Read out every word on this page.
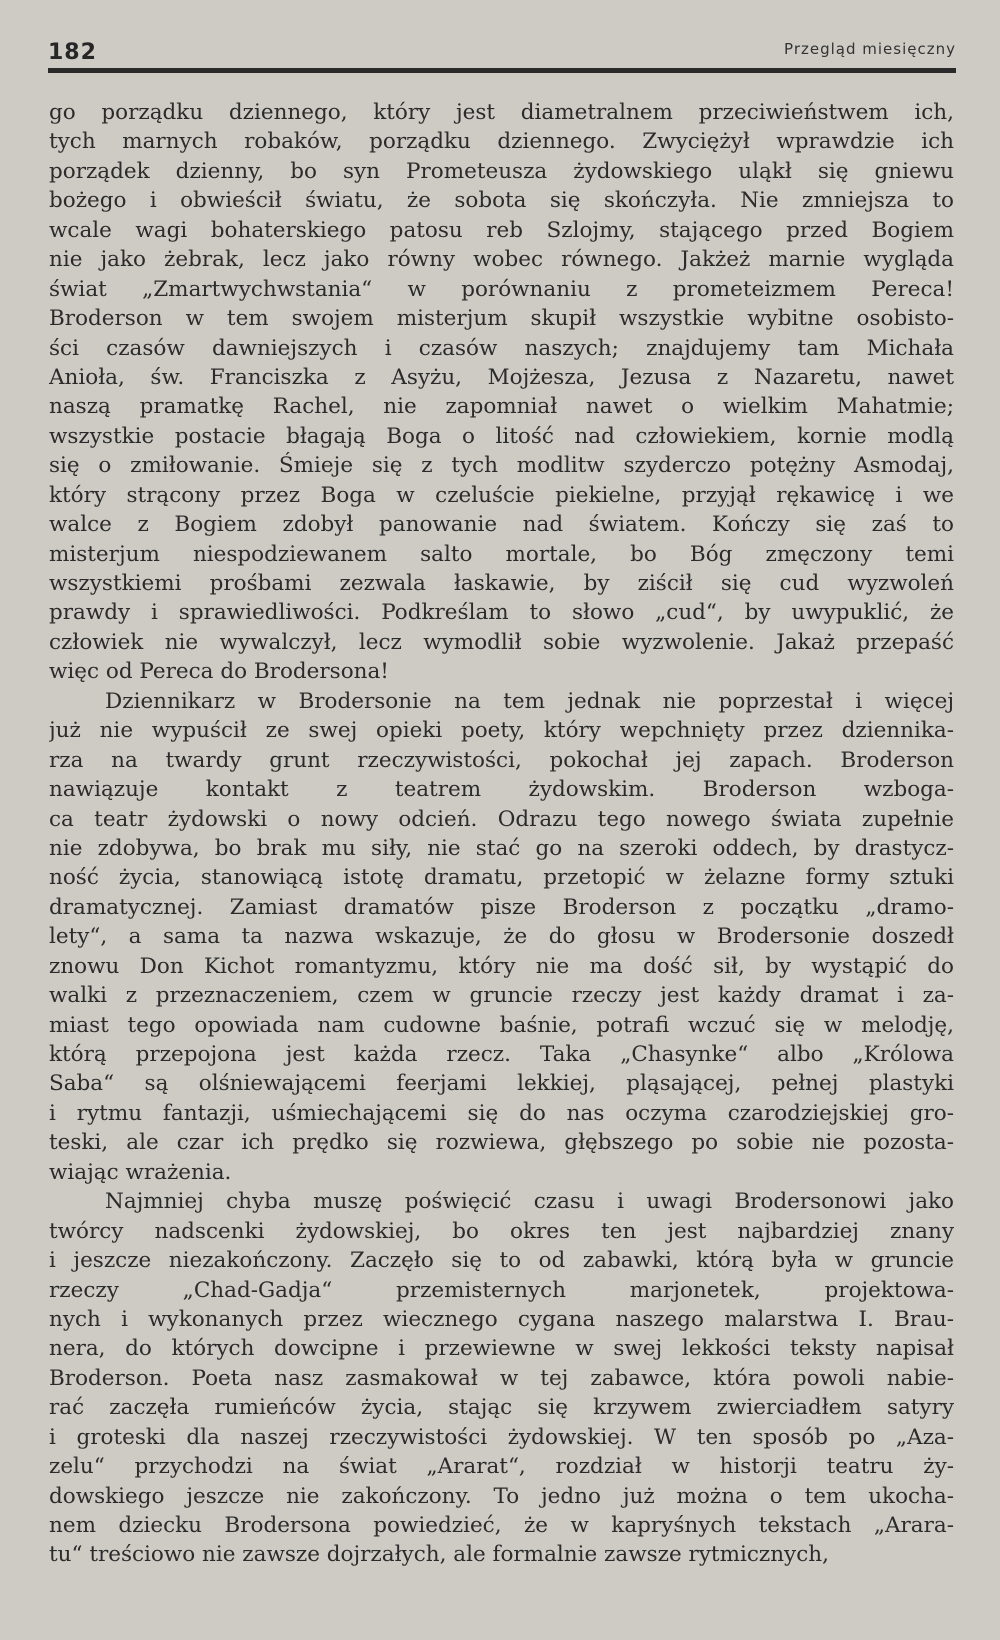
182	Przegląd miesięczny
go porządku dziennego, który jest diametralnem przeciwieństwem ich,
tych marnych robaków, porządku dziennego. Zwyciężył wprawdzie ich
porządek dzienny, bo syn Prometeusza żydowskiego uląkł się gniewu
bożego i obwieścił światu, że sobota się skończyła. Nie zmniejsza to
wcale wagi bohaterskiego patosu reb Szlojmy, stającego przed Bogiem
nie jako żebrak, lecz jako równy wobec równego. Jakżeż marnie wygląda
świat „Zmartwychwstania“ w porównaniu z prometeizmem Pereca!
Broderson w tem swojem misterjum skupił wszystkie wybitne osobisto-
ści czasów dawniejszych i czasów naszych; znajdujemy tam Michała
Anioła, św. Franciszka z Asyżu, Mojżesza, Jezusa z Nazaretu, nawet
naszą pramatkę Rachel, nie zapomniał nawet o wielkim Mahatmie;
wszystkie postacie błagają Boga o litość nad człowiekiem, kornie modlą
się o zmiłowanie. Śmieje się z tych modlitw szyderczo potężny Asmodaj,
który strącony przez Boga w czeluście piekielne, przyjął rękawicę i we
walce z Bogiem zdobył panowanie nad światem. Kończy się zaś to
misterjum niespodziewanem salto mortale, bo Bóg zmęczony temi
wszystkiemi prośbami zezwala łaskawie, by ziścił się cud wyzwoleń
prawdy i sprawiedliwości. Podkreślam to słowo „cud“, by uwypuklić, że
człowiek nie wywalczył, lecz wymodlił sobie wyzwolenie. Jakaż przepaść
więc od Pereca do Brodersona!
Dziennikarz w Brodersonie na tem jednak nie poprzestał i więcej
już nie wypuścił ze swej opieki poety, który wepchnięty przez dziennika-
rza na twardy grunt rzeczywistości, pokochał jej zapach. Broderson
nawiązuje kontakt z teatrem żydowskim. Broderson wzboga-
ca teatr żydowski o nowy odcień. Odrazu tego nowego świata zupełnie
nie zdobywa, bo brak mu siły, nie stać go na szeroki oddech, by drastycz-
ność życia, stanowiącą istotę dramatu, przetopić w żelazne formy sztuki
dramatycznej. Zamiast dramatów pisze Broderson z początku „dramo-
lety“, a sama ta nazwa wskazuje, że do głosu w Brodersonie doszedł
znowu Don Kichot romantyzmu, który nie ma dość sił, by wystąpić do
walki z przeznaczeniem, czem w gruncie rzeczy jest każdy dramat i za-
miast tego opowiada nam cudowne baśnie, potrafi wczuć się w melodję,
którą przepojona jest każda rzecz. Taka „Chasynke“ albo „Królowa
Saba“ są olśniewającemi feerjami lekkiej, pląsającej, pełnej plastyki
i rytmu fantazji, uśmiechającemi się do nas oczyma czarodziejskiej gro-
teski, ale czar ich prędko się rozwiewa, głębszego po sobie nie pozosta-
wiając wrażenia.
Najmniej chyba muszę poświęcić czasu i uwagi Brodersonowi jako
twórcy nadscenki żydowskiej, bo okres ten jest najbardziej znany
i jeszcze niezakończony. Zaczęło się to od zabawki, którą była w gruncie
rzeczy „Chad-Gadja“ przemisternych marjonetek, projektowa-
nych i wykonanych przez wiecznego cygana naszego malarstwa I. Brau-
nera, do których dowcipne i przewiewne w swej lekkości teksty napisał
Broderson. Poeta nasz zasmakował w tej zabawce, która powoli nabie-
rać zaczęła rumieńców życia, stając się krzywem zwierciadłem satyry
i groteski dla naszej rzeczywistości żydowskiej. W ten sposób po „Aza-
zelu“ przychodzi na świat „Ararat“, rozdział w historji teatru ży-
dowskiego jeszcze nie zakończony. To jedno już można o tem ukocha-
nem dziecku Brodersona powiedzieć, że w kapryśnych tekstach „Arara-
tu“ treściowo nie zawsze dojrzałych, ale formalnie zawsze rytmicznych,
